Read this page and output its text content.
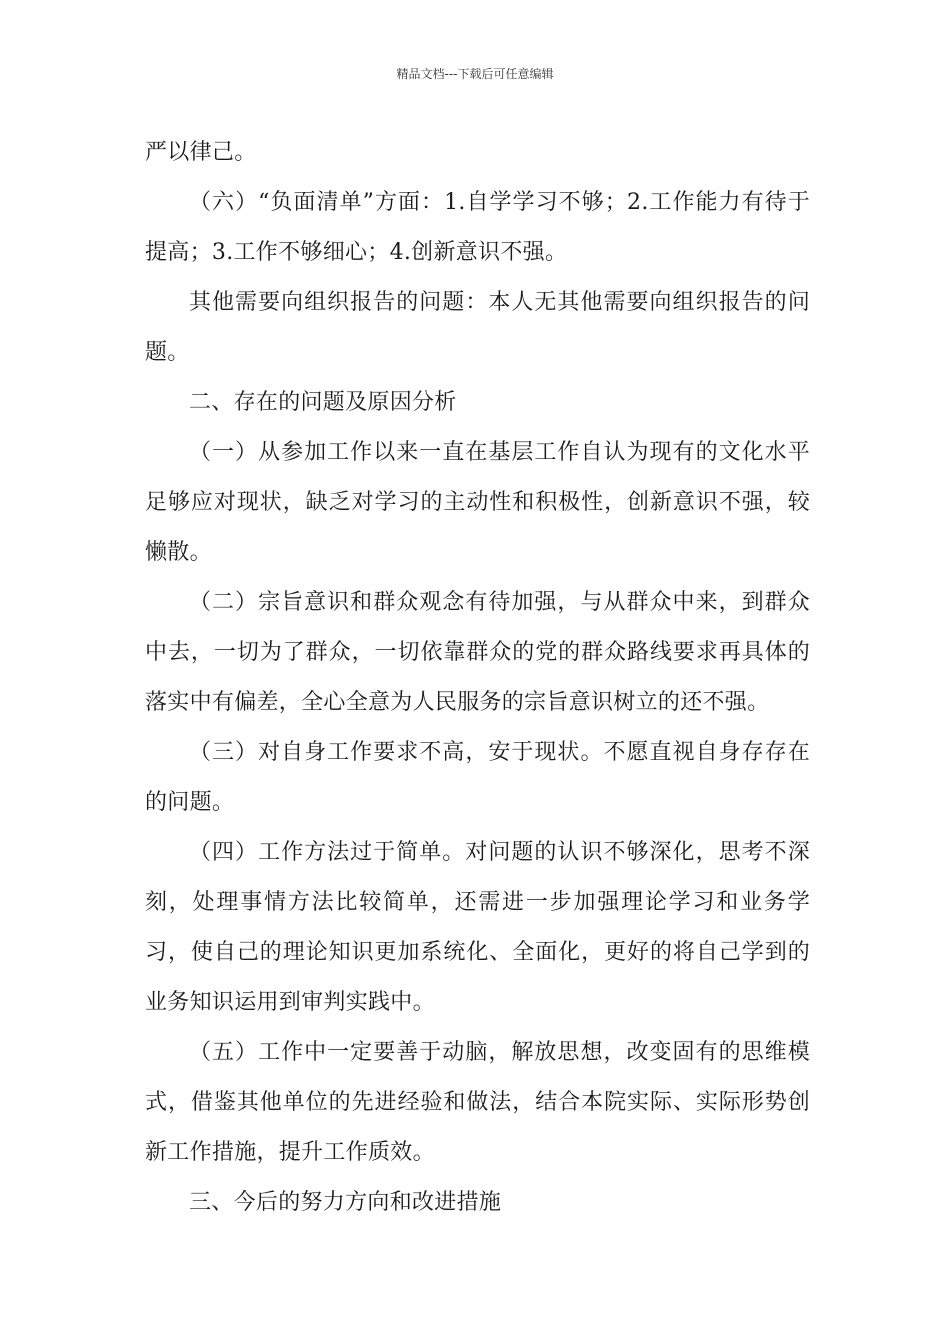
精品文档---下载后可任意编辑

严以律己。

（六）“负面清单”方面：1.自学学习不够；2.工作能力有待于提高；3.工作不够细心；4.创新意识不强。

其他需要向组织报告的问题：本人无其他需要向组织报告的问题。

二、存在的问题及原因分析

（一）从参加工作以来一直在基层工作自认为现有的文化水平足够应对现状，缺乏对学习的主动性和积极性，创新意识不强，较懒散。

（二）宗旨意识和群众观念有待加强，与从群众中来，到群众中去，一切为了群众，一切依靠群众的党的群众路线要求再具体的落实中有偏差，全心全意为人民服务的宗旨意识树立的还不强。

（三）对自身工作要求不高，安于现状。不愿直视自身存存在的问题。

（四）工作方法过于简单。对问题的认识不够深化，思考不深刻，处理事情方法比较简单，还需进一步加强理论学习和业务学习，使自己的理论知识更加系统化、全面化，更好的将自己学到的业务知识运用到审判实践中。

（五）工作中一定要善于动脑，解放思想，改变固有的思维模式，借鉴其他单位的先进经验和做法，结合本院实际、实际形势创新工作措施，提升工作质效。

三、今后的努力方向和改进措施
